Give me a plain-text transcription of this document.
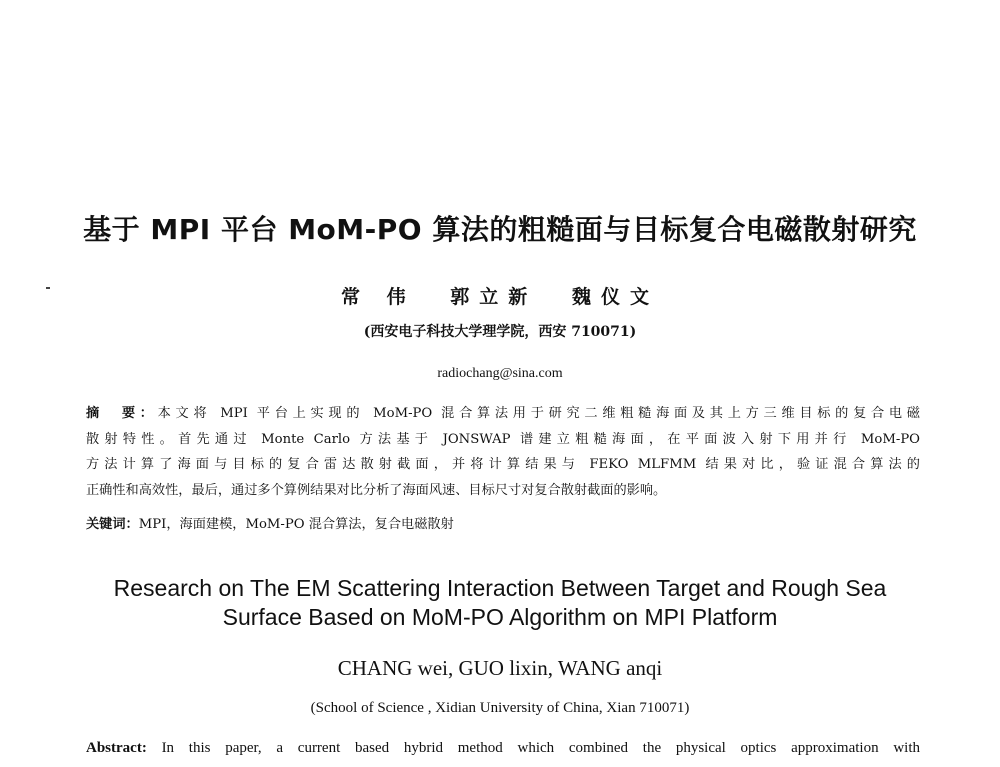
基于 MPI 平台 MoM-PO 算法的粗糙面与目标复合电磁散射研究
常 伟 郭立新 魏仪文
(西安电子科技大学理学院，西安 710071)
radiochang@sina.com
摘　要：本文将 MPI 平台上实现的 MoM-PO 混合算法用于研究二维粗糙海面及其上方三维目标的复合电磁
散射特性。首先通过 Monte Carlo 方法基于 JONSWAP 谱建立粗糙海面，在平面波入射下用并行 MoM-PO
方法计算了海面与目标的复合雷达散射截面，并将计算结果与 FEKO MLFMM 结果对比，验证混合算法的
正确性和高效性，最后，通过多个算例结果对比分析了海面风速、目标尺寸对复合散射截面的影响。
关键词：MPI，海面建模，MoM-PO 混合算法，复合电磁散射
Research on The EM Scattering Interaction Between Target and Rough Sea
Surface Based on MoM-PO Algorithm on MPI Platform
CHANG wei, GUO lixin, WANG anqi
(School of Science , Xidian University of China, Xian 710071)
Abstract: In this paper, a current based hybrid method which combined the physical optics approximation with
